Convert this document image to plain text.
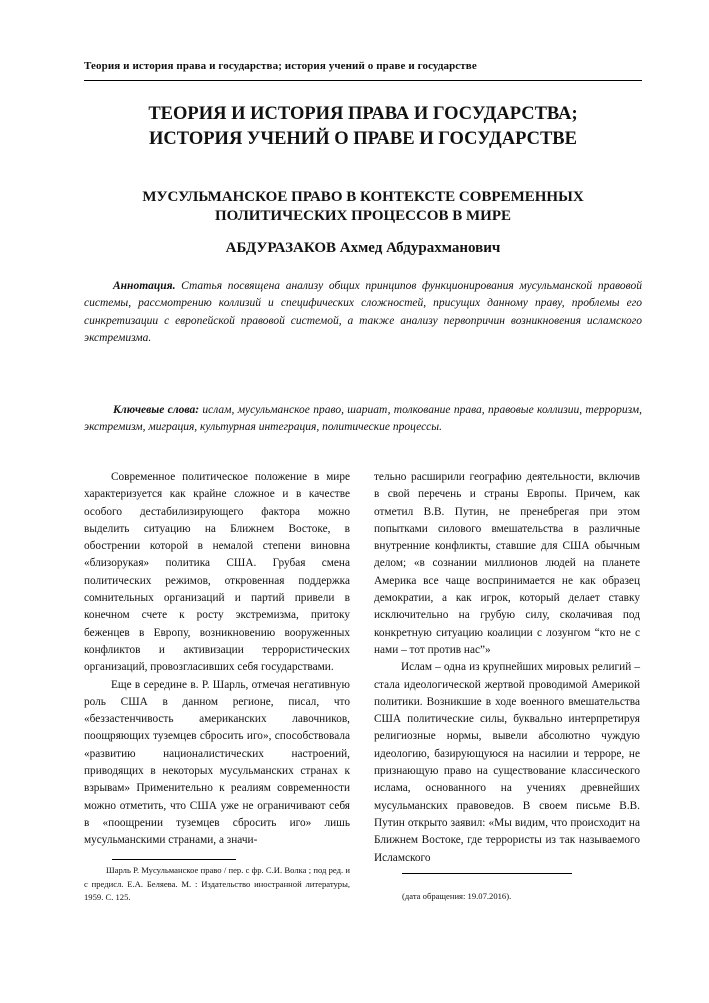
Теория и история права и государства; история учений о праве и государстве
ТЕОРИЯ И ИСТОРИЯ ПРАВА И ГОСУДАРСТВА;
ИСТОРИЯ УЧЕНИЙ О ПРАВЕ И ГОСУДАРСТВЕ
МУСУЛЬМАНСКОЕ ПРАВО В КОНТЕКСТЕ СОВРЕМЕННЫХ
ПОЛИТИЧЕСКИХ ПРОЦЕССОВ В МИРЕ
АБДУРАЗАКОВ Ахмед Абдурахманович
Аннотация. Статья посвящена анализу общих принципов функционирования мусульманской правовой системы, рассмотрению коллизий и специфических сложностей, присущих данному праву, проблемы его синкретизации с европейской правовой системой, а также анализу первопричин возникновения исламского экстремизма.
Ключевые слова: ислам, мусульманское право, шариат, толкование права, правовые коллизии, терроризм, экстремизм, миграция, культурная интеграция, политические процессы.

Современное политическое положение в мире характеризуется как крайне сложное и в качестве особого дестабилизирующего фактора можно выделить ситуацию на Ближнем Востоке, в обострении которой в немалой степени виновна «близорукая» политика США. Грубая смена политических режимов, откровенная поддержка сомнительных организаций и партий привели в конечном счете к росту экстремизма, притоку беженцев в Европу, возникновению вооруженных конфликтов и активизации террористических организаций, провозгласивших себя государствами.

Еще в середине в. Р. Шарль, отмечая негативную роль США в данном регионе, писал, что «беззастенчивость американских лавочников, поощряющих туземцев сбросить иго», способствовала «развитию националистических настроений, приводящих в некоторых мусульманских странах к взрывам» Применительно к реалиям современности можно отметить, что США уже не ограничивают себя в «поощрении туземцев сбросить иго» лишь мусульманскими странами, а значи-

тельно расширили географию деятельности, включив в свой перечень и страны Европы. Причем, как отметил В.В. Путин, не пренебрегая при этом попытками силового вмешательства в различные внутренние конфликты, ставшие для США обычным делом; «в сознании миллионов людей на планете Америка все чаще воспринимается не как образец демократии, а как игрок, который делает ставку исключительно на грубую силу, сколачивая под конкретную ситуацию коалиции с лозунгом “кто не с нами – тот против нас”»

Ислам – одна из крупнейших мировых религий – стала идеологической жертвой проводимой Америкой политики. Возникшие в ходе военного вмешательства США политические силы, буквально интерпретируя религиозные нормы, вывели абсолютно чуждую идеологию, базирующуюся на насилии и терроре, не признающую право на существование классического ислама, основанного на учениях древнейших мусульманских правоведов. В своем письме В.В. Путин открыто заявил: «Мы видим, что происходит на Ближнем Востоке, где террористы из так называемого Исламского

Шарль Р. Мусульманское право / пер. с фр. С.И. Волка ; под ред. и с предисл. Е.А. Беляева. М. : Издательство иностранной литературы, 1959. С. 125.	(дата обращения: 19.07.2016).
